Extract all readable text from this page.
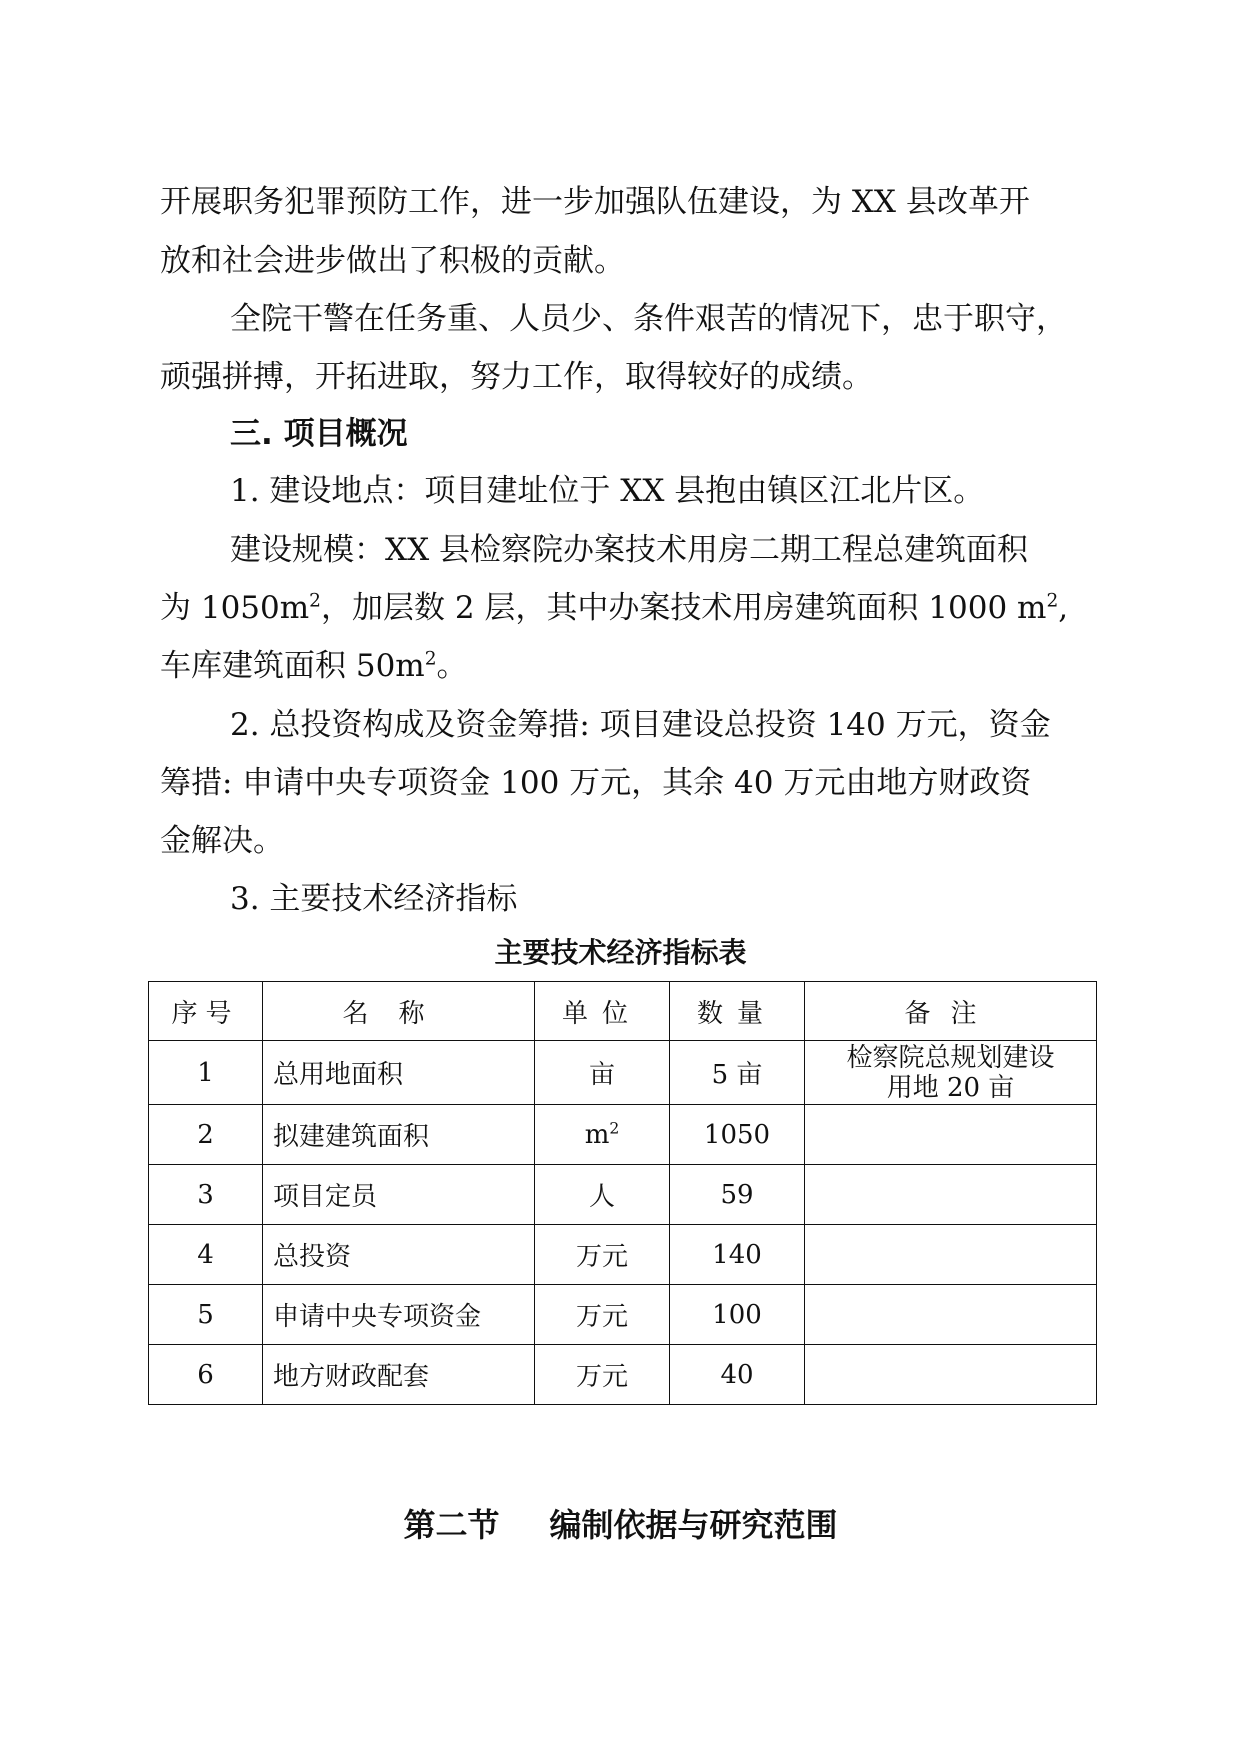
开展职务犯罪预防工作，进一步加强队伍建设，为 XX 县改革开
放和社会进步做出了积极的贡献。
全院干警在任务重、人员少、条件艰苦的情况下，忠于职守，
顽强拼搏，开拓进取，努力工作，取得较好的成绩。
三. 项目概况
1. 建设地点：项目建址位于 XX 县抱由镇区江北片区。
建设规模：XX 县检察院办案技术用房二期工程总建筑面积
为 $1050m^2$，加层数 2 层，其中办案技术用房建筑面积 1000 $m^2$,
车库建筑面积 $50m^2$。
2. 总投资构成及资金筹措: 项目建设总投资 140 万元，资金
筹措: 申请中央专项资金 100 万元，其余 40 万元由地方财政资
金解决。
3. 主要技术经济指标
主要技术经济指标表
序号	名称	单位	数量	备注
1	总用地面积	亩	5 亩	检察院总规划建设
用地 20 亩

2	拟建建筑面积	$m^2$	1050	
3	项目定员	人	59	
4	总投资	万元	140	
5	申请中央专项资金	万元	100	
6	地方财政配套	万元	40	
第二节 编制依据与研究范围
